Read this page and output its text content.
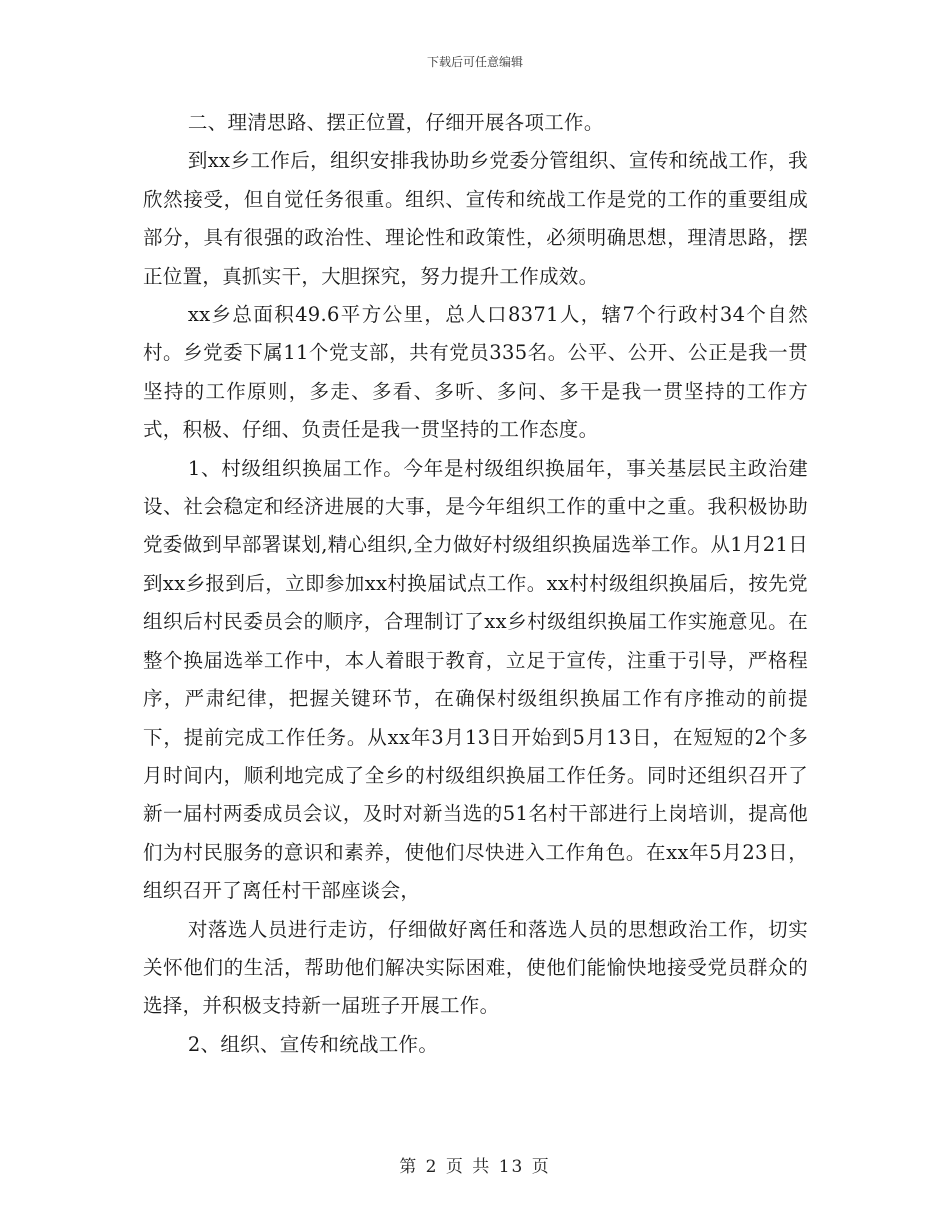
下载后可任意编辑

二、理清思路、摆正位置，仔细开展各项工作。

到xx乡工作后，组织安排我协助乡党委分管组织、宣传和统战工作，我欣然接受，但自觉任务很重。组织、宣传和统战工作是党的工作的重要组成部分，具有很强的政治性、理论性和政策性，必须明确思想，理清思路，摆正位置，真抓实干，大胆探究，努力提升工作成效。

xx乡总面积49.6平方公里，总人口8371人，辖7个行政村34个自然村。乡党委下属11个党支部，共有党员335名。公平、公开、公正是我一贯坚持的工作原则，多走、多看、多听、多问、多干是我一贯坚持的工作方式，积极、仔细、负责任是我一贯坚持的工作态度。

1、村级组织换届工作。今年是村级组织换届年，事关基层民主政治建设、社会稳定和经济进展的大事，是今年组织工作的重中之重。我积极协助党委做到早部署谋划,精心组织,全力做好村级组织换届选举工作。从1月21日到xx乡报到后，立即参加xx村换届试点工作。xx村村级组织换届后，按先党组织后村民委员会的顺序，合理制订了xx乡村级组织换届工作实施意见。在整个换届选举工作中，本人着眼于教育，立足于宣传，注重于引导，严格程序，严肃纪律，把握关键环节，在确保村级组织换届工作有序推动的前提下，提前完成工作任务。从xx年3月13日开始到5月13日，在短短的2个多月时间内，顺利地完成了全乡的村级组织换届工作任务。同时还组织召开了新一届村两委成员会议，及时对新当选的51名村干部进行上岗培训，提高他们为村民服务的意识和素养，使他们尽快进入工作角色。在xx年5月23日，组织召开了离任村干部座谈会，

对落选人员进行走访，仔细做好离任和落选人员的思想政治工作，切实关怀他们的生活，帮助他们解决实际困难，使他们能愉快地接受党员群众的选择，并积极支持新一届班子开展工作。

2、组织、宣传和统战工作。

第 2 页 共 13 页
